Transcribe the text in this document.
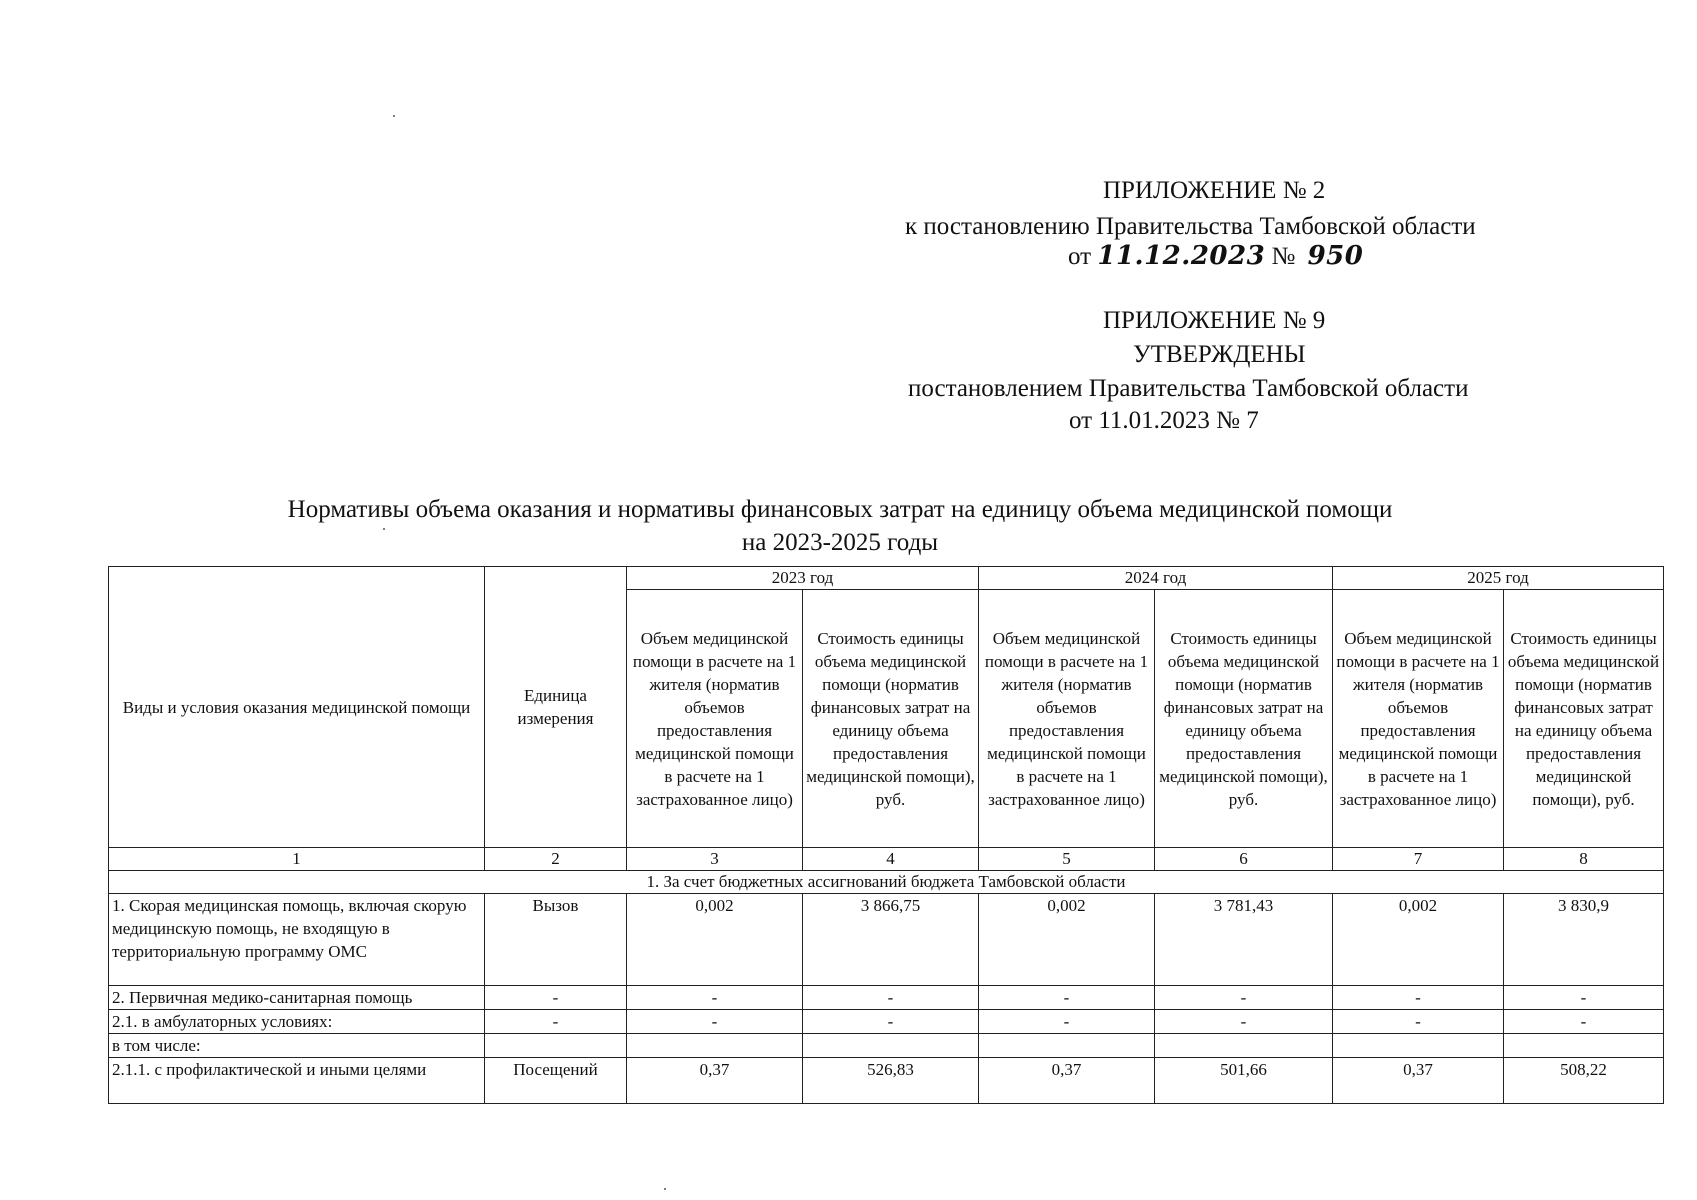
ПРИЛОЖЕНИЕ № 2
к постановлению Правительства Тамбовской области
от 11.12.2023 № 950
ПРИЛОЖЕНИЕ № 9
УТВЕРЖДЕНЫ
постановлением Правительства Тамбовской области
от 11.01.2023 № 7
Нормативы объема оказания и нормативы финансовых затрат на единицу объема медицинской помощи
на 2023-2025 годы
Виды и условия оказания медицинской помощи	Единица измерения	2023 год		2024 год		2025 год	
		Объем медицинской помощи в расчете на 1 жителя (норматив объемов предоставления медицинской помощи в расчете на 1 застрахованное лицо)	Стоимость единицы объема медицинской помощи (норматив финансовых затрат на единицу объема предоставления медицинской помощи), руб.	Объем медицинской помощи в расчете на 1 жителя (норматив объемов предоставления медицинской помощи в расчете на 1 застрахованное лицо)	Стоимость единицы объема медицинской помощи (норматив финансовых затрат на единицу объема предоставления медицинской помощи), руб.	Объем медицинской помощи в расчете на 1 жителя (норматив объемов предоставления медицинской помощи в расчете на 1 застрахованное лицо)	Стоимость единицы объема медицинской помощи (норматив финансовых затрат на единицу объема предоставления медицинской помощи), руб.
1	2	3	4	5	6	7	8
1. За счет бюджетных ассигнований бюджета Тамбовской области							
1. Скорая медицинская помощь, включая скорую медицинскую помощь, не входящую в территориальную программу ОМС	Вызов	0,002	3 866,75	0,002	3 781,43	0,002	3 830,9
2. Первичная медико-санитарная помощь	-	-	-	-	-	-	-
2.1. в амбулаторных условиях:	-	-	-	-	-	-	-
в том числе:							
2.1.1. с профилактической и иными целями	Посещений	0,37	526,83	0,37	501,66	0,37	508,22
